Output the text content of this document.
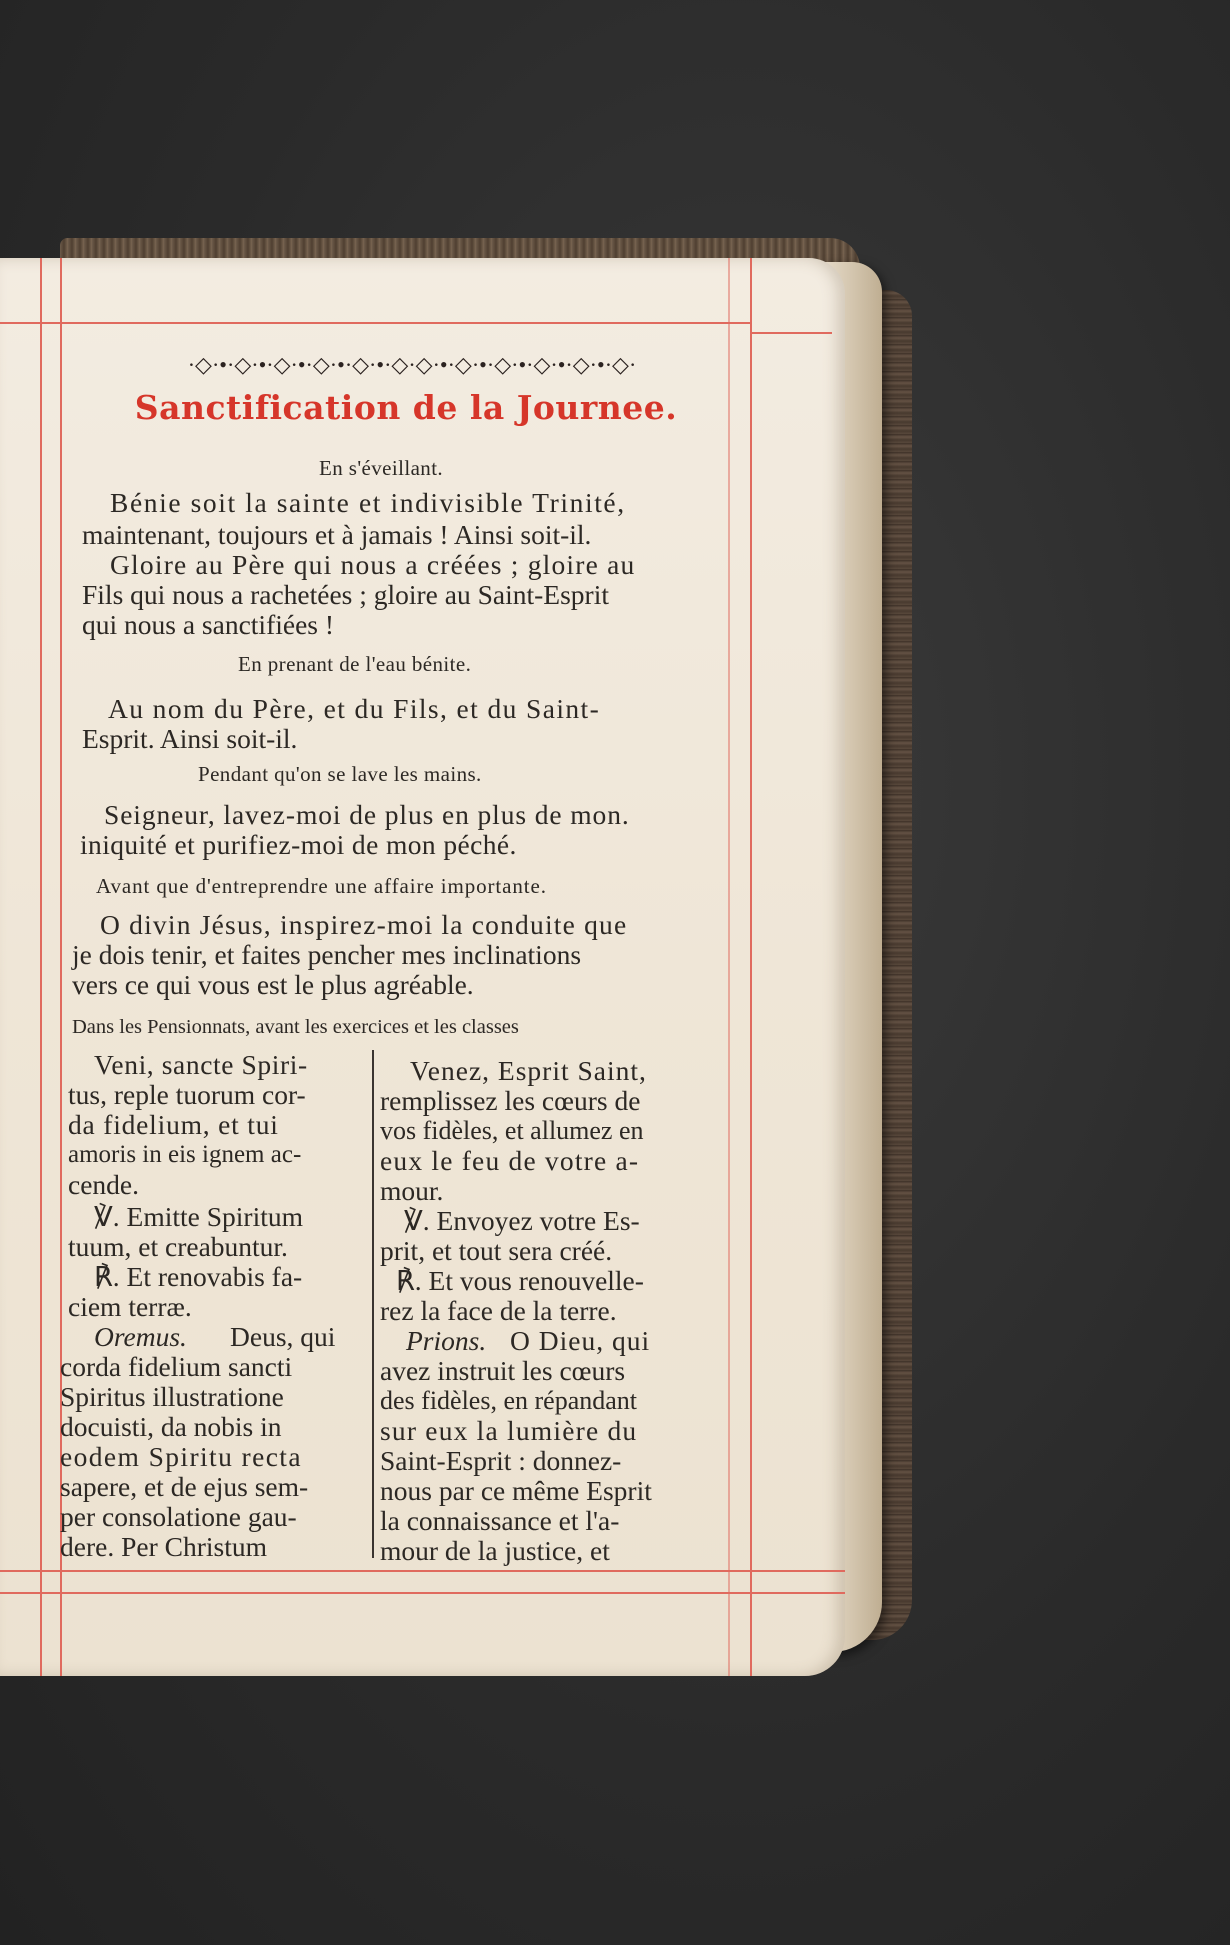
·◇·•·◇·•·◇·•·◇·•·◇·•·◇·◇·•·◇·•·◇·•·◇·•·◇·•·◇·
Sanctification de la Journee.
En s'éveillant.
Bénie soit la sainte et indivisible Trinité,
maintenant, toujours et à jamais ! Ainsi soit-il.
Gloire au Père qui nous a créées ; gloire au
Fils qui nous a rachetées ; gloire au Saint-Esprit
qui nous a sanctifiées !
En prenant de l'eau bénite.
Au nom du Père, et du Fils, et du Saint-
Esprit. Ainsi soit-il.
Pendant qu'on se lave les mains.
Seigneur, lavez-moi de plus en plus de mon.
iniquité et purifiez-moi de mon péché.
Avant que d'entreprendre une affaire importante.
O divin Jésus, inspirez-moi la conduite que
je dois tenir, et faites pencher mes inclinations
vers ce qui vous est le plus agréable.
Dans les Pensionnats, avant les exercices et les classes
Veni, sancte Spiri-
tus, reple tuorum cor-
da fidelium, et tui
amoris in eis ignem ac-
cende.
℣. Emitte Spiritum
tuum, et creabuntur.
℟. Et renovabis fa-
ciem terræ.
Oremus. Deus, qui
corda fidelium sancti
Spiritus illustratione
docuisti, da nobis in
eodem Spiritu recta
sapere, et de ejus sem-
per consolatione gau-
dere. Per Christum
Venez, Esprit Saint,
remplissez les cœurs de
vos fidèles, et allumez en
eux le feu de votre a-
mour.
℣. Envoyez votre Es-
prit, et tout sera créé.
℟. Et vous renouvelle-
rez la face de la terre.
Prions. O Dieu, qui
avez instruit les cœurs
des fidèles, en répandant
sur eux la lumière du
Saint-Esprit : donnez-
nous par ce même Esprit
la connaissance et l'a-
mour de la justice, et
